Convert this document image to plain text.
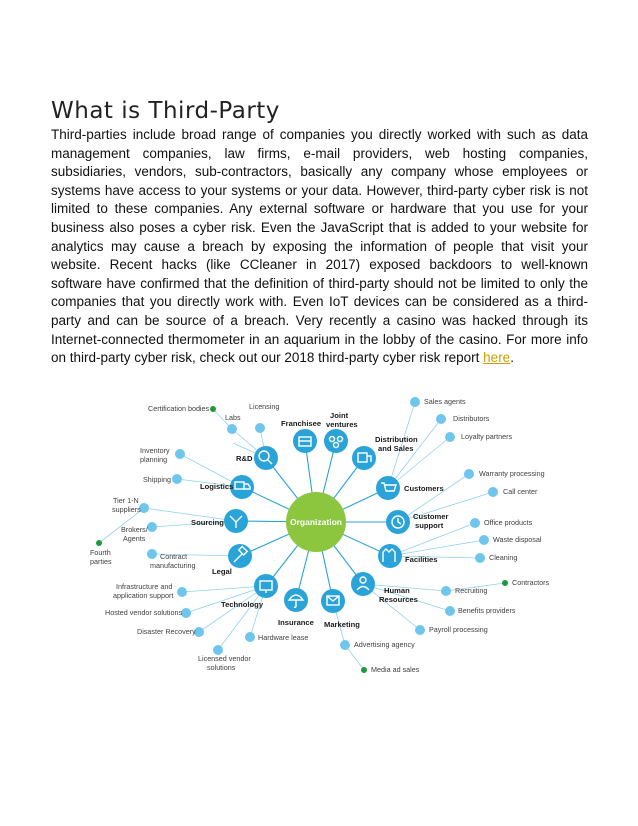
What is Third-Party

Third-parties include broad range of companies you directly worked with such as data management companies, law firms, e-mail providers, web hosting companies, subsidiaries, vendors, sub-contractors, basically any company whose employees or systems have access to your systems or your data. However, third-party cyber risk is not limited to these companies. Any external software or hardware that you use for your business also poses a cyber risk. Even the JavaScript that is added to your website for analytics may cause a breach by exposing the information of people that visit your website. Recent hacks (like CCleaner in 2017) exposed backdoors to well-known software have confirmed that the definition of third-party should not be limited to only the companies that you directly work with. Even IoT devices can be considered as a third-party and can be source of a breach. Very recently a casino was hacked through its Internet-connected thermometer in an aquarium in the lobby of the casino. For more info on third-party cyber risk, check out our 2018 third-party cyber risk report here.

Organization
Franchisee
Joint
ventures
Distribution
and Sales
Customers
Customer
support
Facilities
Human
Resources
Marketing
Insurance
Technology
Legal
Sourcing
Logistics
R&D
Certification bodies
Labs
Licensing
Sales agents
Distributors
Loyalty partners
Warranty processing
Call center
Office products
Waste disposal
Cleaning
Contractors
Recruiting
Benefits providers
Payroll processing
Advertising agency
Media ad sales
Hardware lease
Licensed vendor
solutions
Disaster Recovery
Hosted vendor solutions
Infrastructure and
application support
Contract
manufacturing
Brokers/
Agents
Tier 1-N
suppliers
Fourth
parties
Shipping
Inventory
planning
